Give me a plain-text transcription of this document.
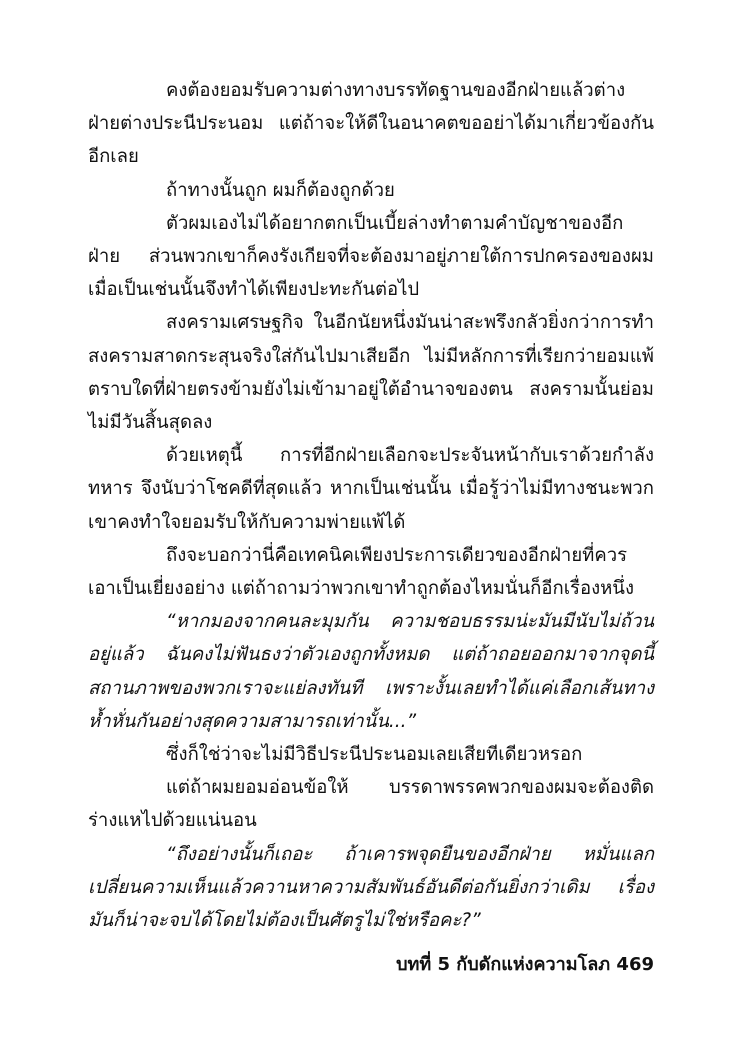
คงต้องยอมรับความต่างทางบรรทัดฐานของอีกฝ่ายแล้วต่างฝ่ายต่างประนีประนอม แต่ถ้าจะให้ดีในอนาคตขออย่าได้มาเกี่ยวข้องกันอีกเลย

ถ้าทางนั้นถูก ผมก็ต้องถูกด้วย

ตัวผมเองไม่ได้อยากตกเป็นเบี้ยล่างทำตามคำบัญชาของอีกฝ่าย ส่วนพวกเขาก็คงรังเกียจที่จะต้องมาอยู่ภายใต้การปกครองของผม เมื่อเป็นเช่นนั้นจึงทำได้เพียงปะทะกันต่อไป

สงครามเศรษฐกิจ ในอีกนัยหนึ่งมันน่าสะพรึงกลัวยิ่งกว่าการทำสงครามสาดกระสุนจริงใส่กันไปมาเสียอีก ไม่มีหลักการที่เรียกว่ายอมแพ้ ตราบใดที่ฝ่ายตรงข้ามยังไม่เข้ามาอยู่ใต้อำนาจของตน สงครามนั้นย่อมไม่มีวันสิ้นสุดลง

ด้วยเหตุนี้ การที่อีกฝ่ายเลือกจะประจันหน้ากับเราด้วยกำลังทหาร จึงนับว่าโชคดีที่สุดแล้ว หากเป็นเช่นนั้น เมื่อรู้ว่าไม่มีทางชนะพวกเขาคงทำใจยอมรับให้กับความพ่ายแพ้ได้

ถึงจะบอกว่านี่คือเทคนิคเพียงประการเดียวของอีกฝ่ายที่ควรเอาเป็นเยี่ยงอย่าง แต่ถ้าถามว่าพวกเขาทำถูกต้องไหมนั่นก็อีกเรื่องหนึ่ง

“หากมองจากคนละมุมกัน ความชอบธรรมน่ะมันมีนับไม่ถ้วนอยู่แล้ว ฉันคงไม่ฟันธงว่าตัวเองถูกทั้งหมด แต่ถ้าถอยออกมาจากจุดนี้ สถานภาพของพวกเราจะแย่ลงทันที เพราะงั้นเลยทำได้แค่เลือกเส้นทางห้ำหั่นกันอย่างสุดความสามารถเท่านั้น...”

ซึ่งก็ใช่ว่าจะไม่มีวิธีประนีประนอมเลยเสียทีเดียวหรอก

แต่ถ้าผมยอมอ่อนข้อให้ บรรดาพรรคพวกของผมจะต้องติดร่างแหไปด้วยแน่นอน

“ถึงอย่างนั้นก็เถอะ ถ้าเคารพจุดยืนของอีกฝ่าย หมั่นแลกเปลี่ยนความเห็นแล้วควานหาความสัมพันธ์อันดีต่อกันยิ่งกว่าเดิม เรื่องมันก็น่าจะจบได้โดยไม่ต้องเป็นศัตรูไม่ใช่หรือคะ?”

บทที่ 5 กับดักแห่งความโลภ 469
